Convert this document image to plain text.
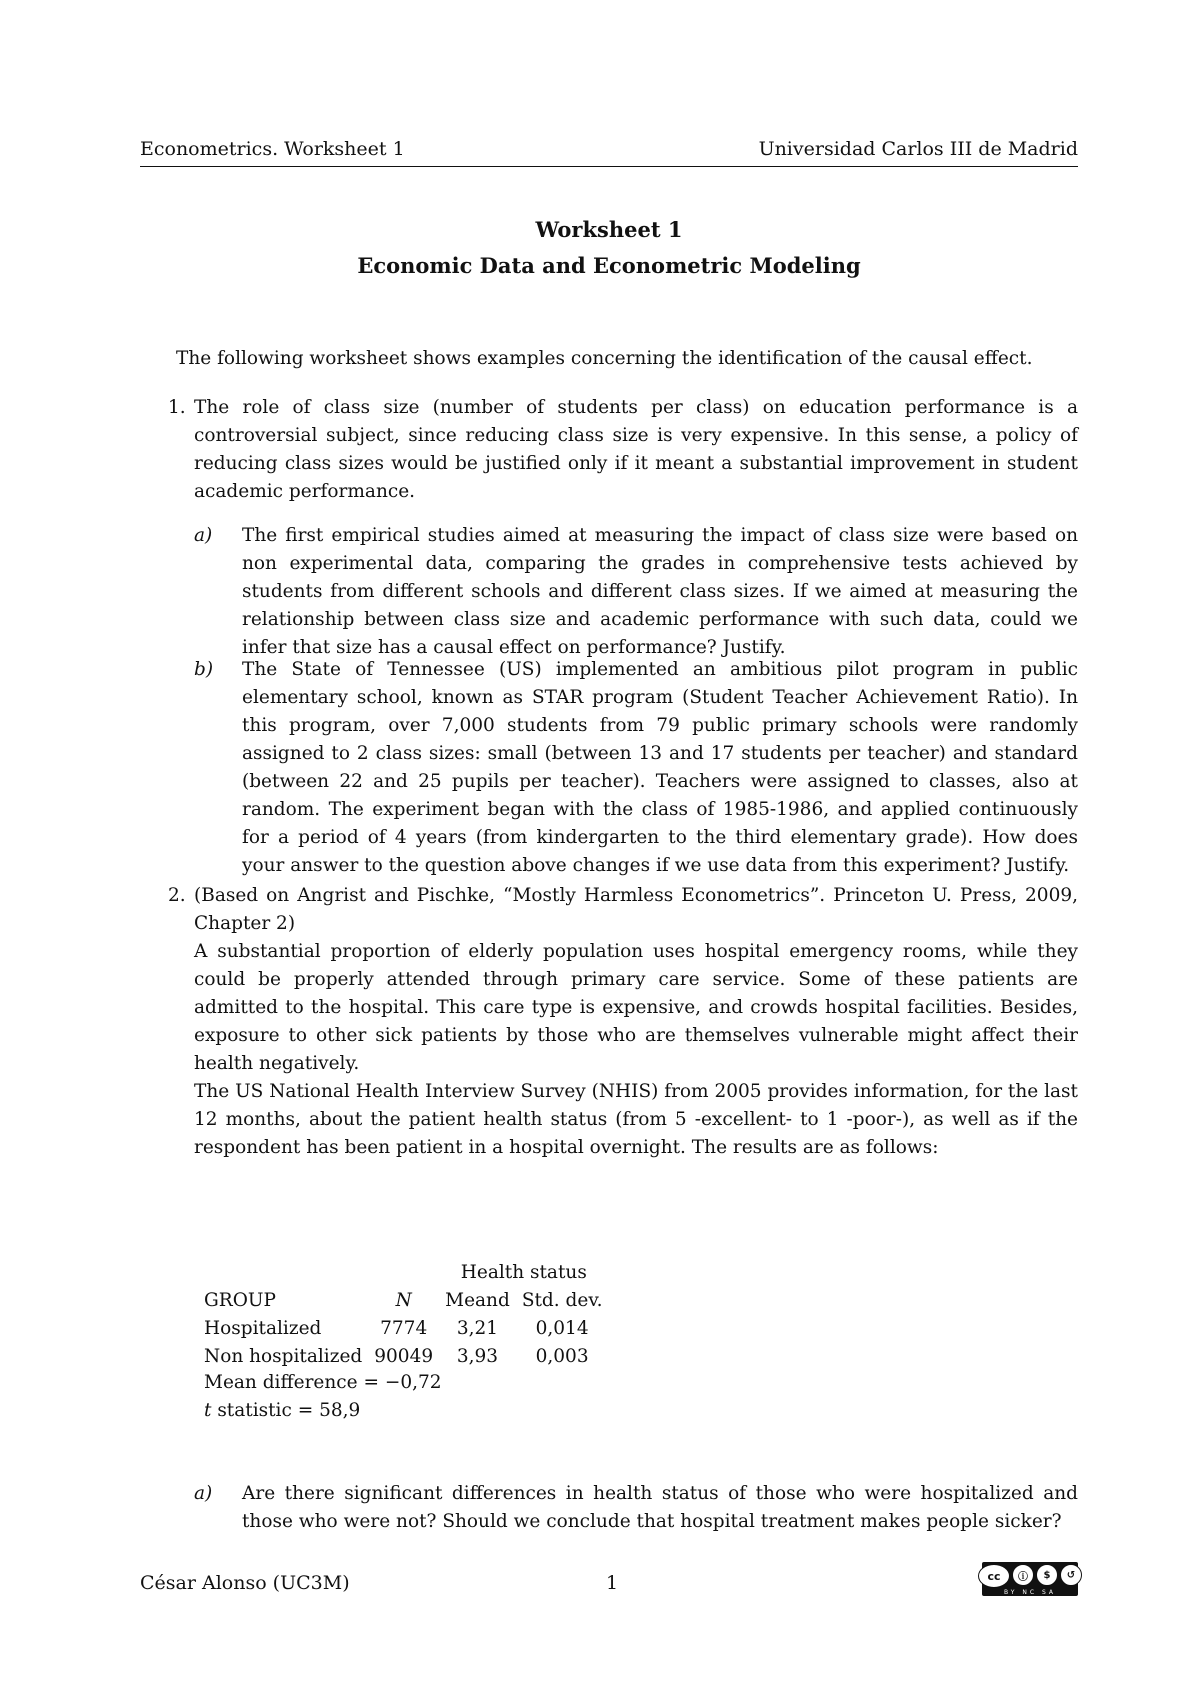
Econometrics. Worksheet 1	Universidad Carlos III de Madrid
Worksheet 1
Economic Data and Econometric Modeling
The following worksheet shows examples concerning the identification of the causal effect.
1. The role of class size (number of students per class) on education performance is a controversial subject, since reducing class size is very expensive. In this sense, a policy of reducing class sizes would be justified only if it meant a substantial improvement in student academic performance.
a) The first empirical studies aimed at measuring the impact of class size were based on non experimental data, comparing the grades in comprehensive tests achieved by students from different schools and different class sizes. If we aimed at measuring the relationship between class size and academic performance with such data, could we infer that size has a causal effect on performance? Justify.
b) The State of Tennessee (US) implemented an ambitious pilot program in public elementary school, known as STAR program (Student Teacher Achievement Ratio). In this program, over 7,000 students from 79 public primary schools were randomly assigned to 2 class sizes: small (between 13 and 17 students per teacher) and standard (between 22 and 25 pupils per teacher). Teachers were assigned to classes, also at random. The experiment began with the class of 1985-1986, and applied continuously for a period of 4 years (from kindergarten to the third elementary grade). How does your answer to the question above changes if we use data from this experiment? Justify.
2. (Based on Angrist and Pischke, “Mostly Harmless Econometrics”. Princeton U. Press, 2009, Chapter 2)
A substantial proportion of elderly population uses hospital emergency rooms, while they could be properly attended through primary care service. Some of these patients are admitted to the hospital. This care type is expensive, and crowds hospital facilities. Besides, exposure to other sick patients by those who are themselves vulnerable might affect their health negatively.
The US National Health Interview Survey (NHIS) from 2005 provides information, for the last 12 months, about the patient health status (from 5 -excellent- to 1 -poor-), as well as if the respondent has been patient in a hospital overnight. The results are as follows:
		Health status	
GROUP	N	Meand	Std. dev.
Hospitalized	7774	3,21	0,014
Non hospitalized	90049	3,93	0,003
Mean difference = −0,72
t statistic = 58,9
a) Are there significant differences in health status of those who were hospitalized and those who were not? Should we conclude that hospital treatment makes people sicker?
César Alonso (UC3M)	1	cc	ⓘ	$	↺
BY NC SA
